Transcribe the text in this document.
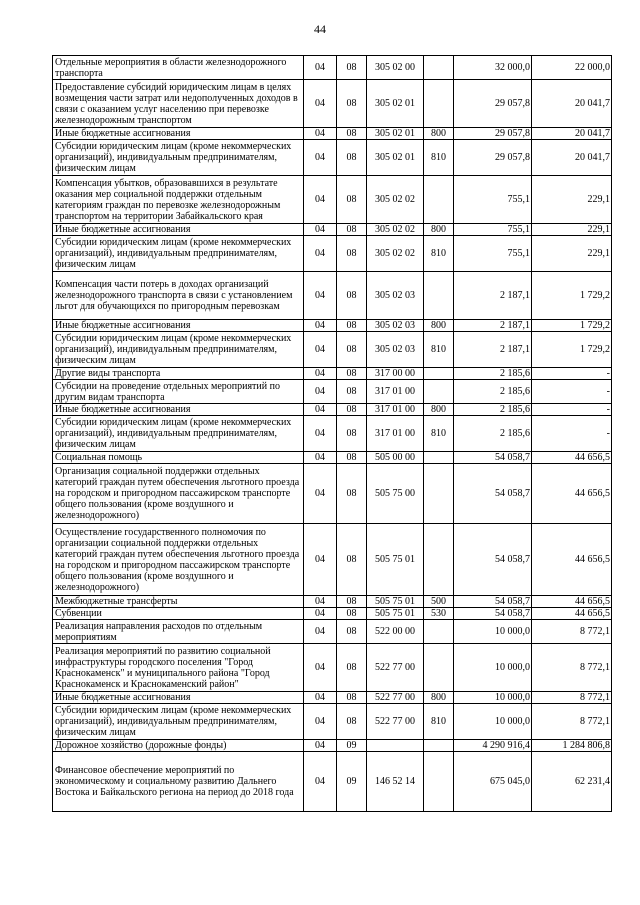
44
Отдельные мероприятия в области железнодорожного транспорта	04	08	305 02 00		32 000,0	22 000,0
Предоставление субсидий юридическим лицам в целях возмещения части затрат или недополученных доходов в связи с оказанием услуг населению при перевозке железнодорожным транспортом	04	08	305 02 01		29 057,8	20 041,7
Иные бюджетные ассигнования	04	08	305 02 01	800	29 057,8	20 041,7
Субсидии юридическим лицам (кроме некоммерческих организаций), индивидуальным предпринимателям, физическим лицам	04	08	305 02 01	810	29 057,8	20 041,7
Компенсация убытков, образовавшихся в результате оказания мер социальной поддержки отдельным категориям граждан по перевозке железнодорожным транспортом на территории Забайкальского края	04	08	305 02 02		755,1	229,1
Иные бюджетные ассигнования	04	08	305 02 02	800	755,1	229,1
Субсидии юридическим лицам (кроме некоммерческих организаций), индивидуальным предпринимателям, физическим лицам	04	08	305 02 02	810	755,1	229,1
Компенсация части потерь в доходах организаций железнодорожного транспорта в связи с установлением льгот для обучающихся по пригородным перевозкам	04	08	305 02 03		2 187,1	1 729,2
Иные бюджетные ассигнования	04	08	305 02 03	800	2 187,1	1 729,2
Субсидии юридическим лицам (кроме некоммерческих организаций), индивидуальным предпринимателям, физическим лицам	04	08	305 02 03	810	2 187,1	1 729,2
Другие виды транспорта	04	08	317 00 00		2 185,6	-
Субсидии на проведение отдельных мероприятий по другим видам транспорта	04	08	317 01 00		2 185,6	-
Иные бюджетные ассигнования	04	08	317 01 00	800	2 185,6	-
Субсидии юридическим лицам (кроме некоммерческих организаций), индивидуальным предпринимателям, физическим лицам	04	08	317 01 00	810	2 185,6	-
Социальная помощь	04	08	505 00 00		54 058,7	44 656,5
Организация социальной поддержки отдельных категорий граждан путем обеспечения льготного проезда на городском и пригородном пассажирском транспорте общего пользования (кроме воздушного и железнодорожного)	04	08	505 75 00		54 058,7	44 656,5
Осуществление государственного полномочия по организации социальной поддержки отдельных категорий граждан путем обеспечения льготного проезда на городском и пригородном пассажирском транспорте общего пользования (кроме воздушного и железнодорожного)	04	08	505 75 01		54 058,7	44 656,5
Межбюджетные трансферты	04	08	505 75 01	500	54 058,7	44 656,5
Субвенции	04	08	505 75 01	530	54 058,7	44 656,5
Реализация направления расходов по отдельным мероприятиям	04	08	522 00 00		10 000,0	8 772,1
Реализация мероприятий по развитию социальной инфраструктуры городского поселения "Город Краснокаменск" и муниципального района "Город Краснокаменск и Краснокаменский район"	04	08	522 77 00		10 000,0	8 772,1
Иные бюджетные ассигнования	04	08	522 77 00	800	10 000,0	8 772,1
Субсидии юридическим лицам (кроме некоммерческих организаций), индивидуальным предпринимателям, физическим лицам	04	08	522 77 00	810	10 000,0	8 772,1
Дорожное хозяйство (дорожные фонды)	04	09			4 290 916,4	1 284 806,8
Финансовое обеспечение мероприятий по экономическому и социальному развитию Дальнего Востока и Байкальского региона на период до 2018 года	04	09	146 52 14		675 045,0	62 231,4
